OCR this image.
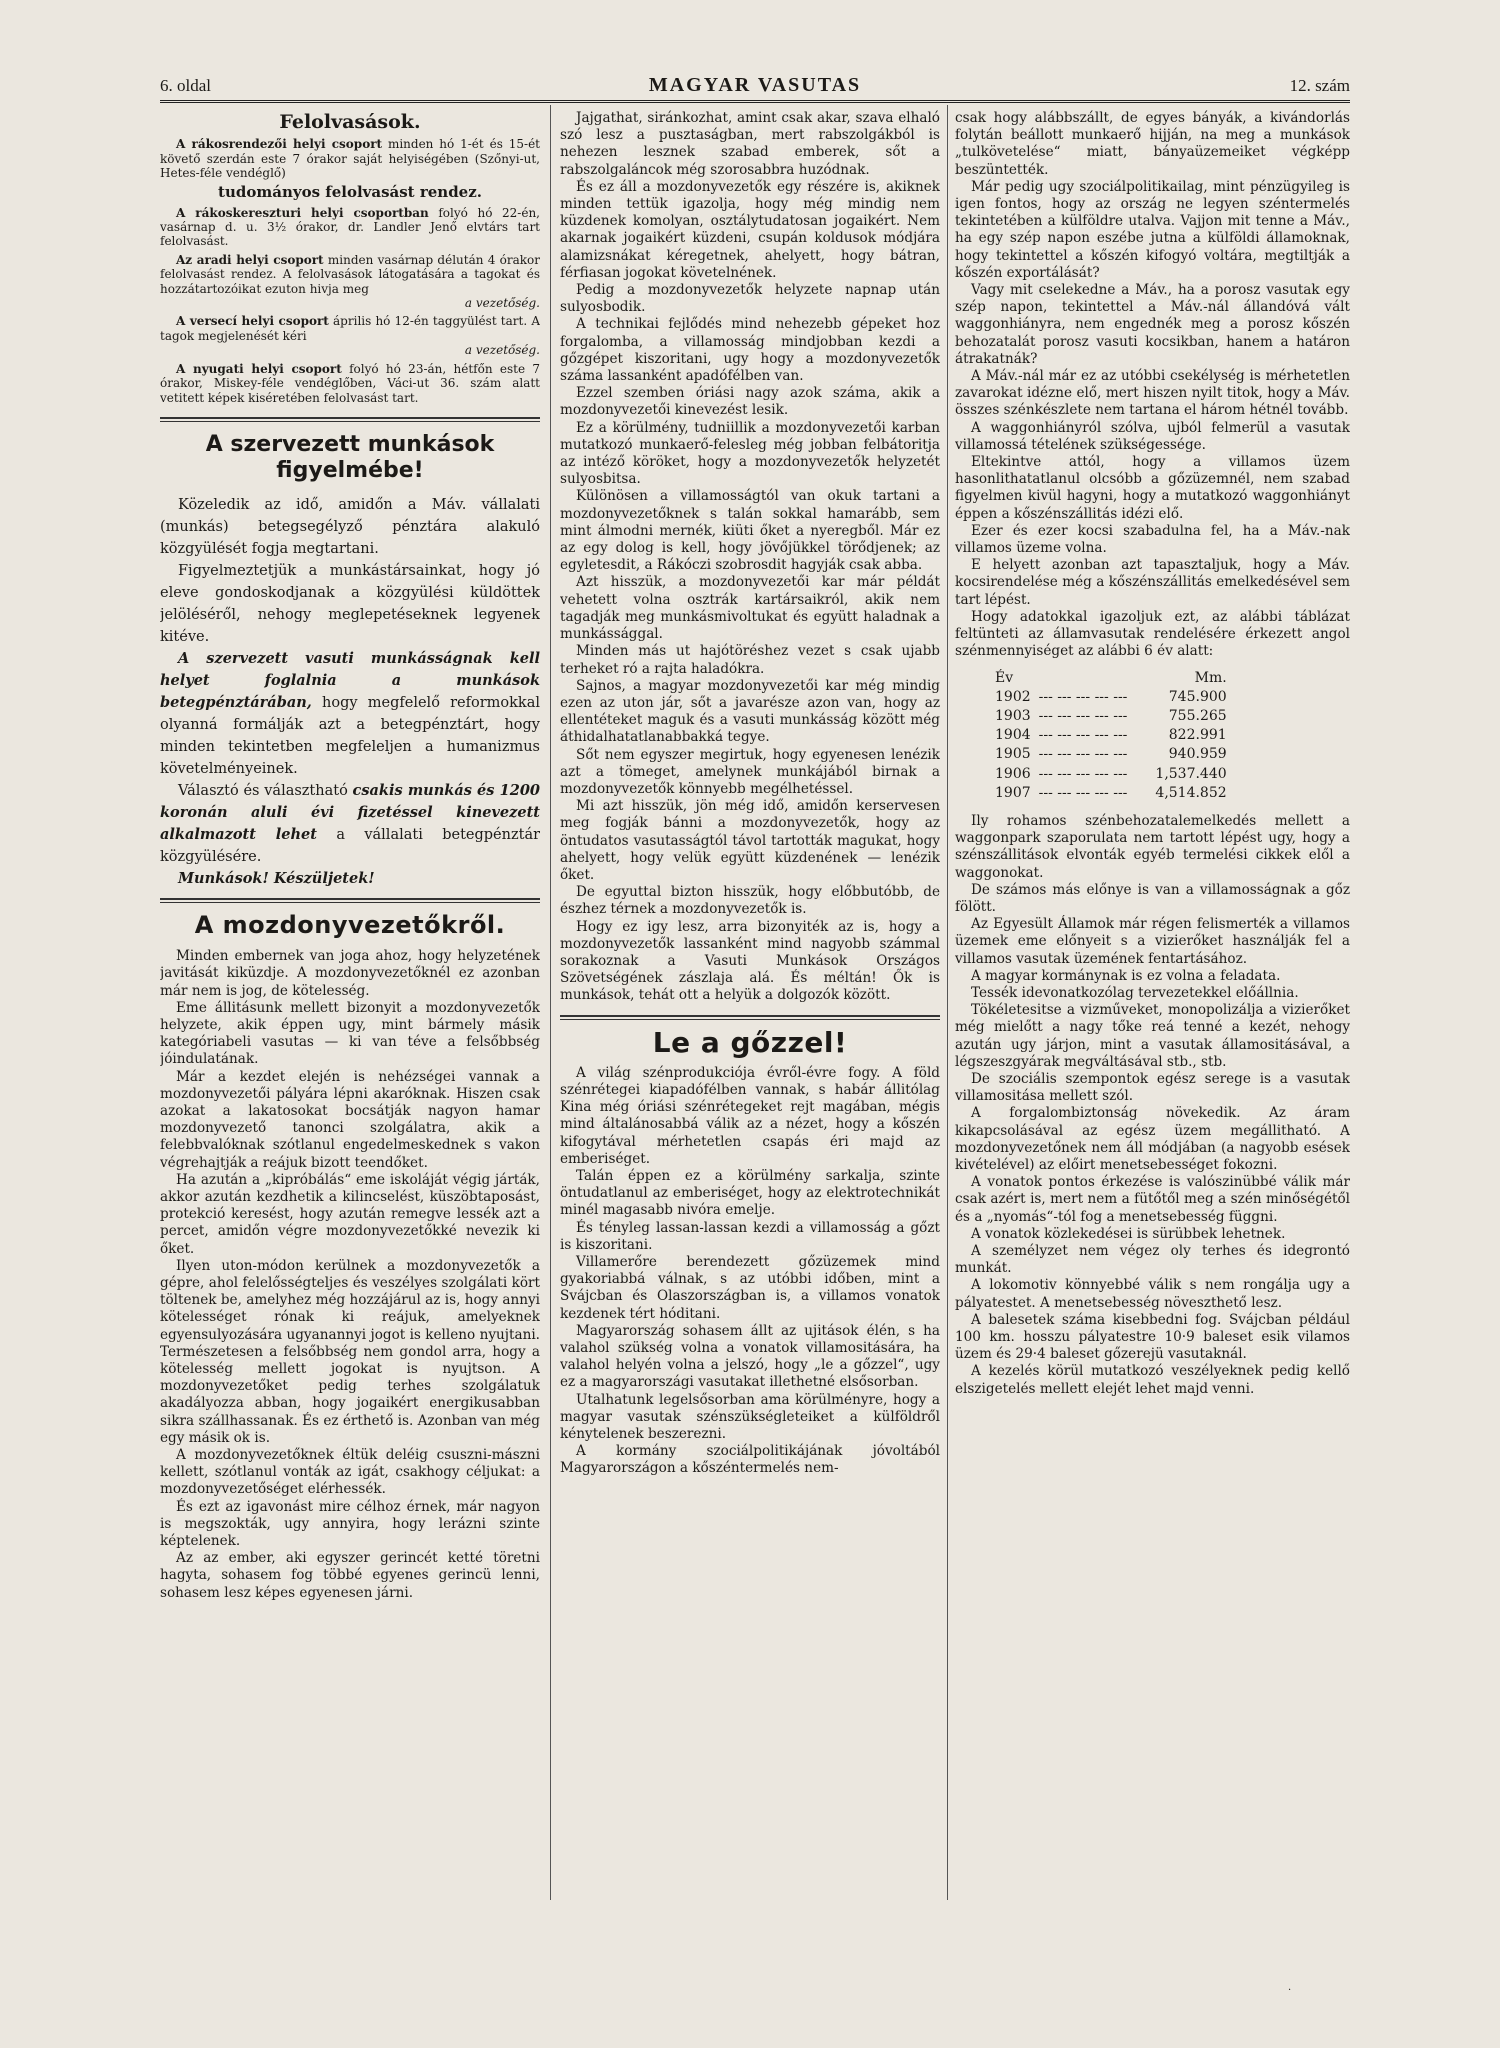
6. oldal	MAGYAR VASUTAS	12. szám
Felolvasások.

A rákosrendezői helyi csoport minden hó 1-ét és 15-ét követő szerdán este 7 órakor saját helyiségében (Szőnyi-ut, Hetes-féle vendéglő)

tudományos felolvasást rendez.

A rákoskereszturi helyi csoportban folyó hó 22-én, vasárnap d. u. 3½ órakor, dr. Landler Jenő elvtárs tart felolvasást.

Az aradi helyi csoport minden vasárnap délután 4 órakor felolvasást rendez. A felolvasások látogatására a tagokat és hozzátartozóikat ezuton hivja meg

a vezetőség.

A versecí helyi csoport április hó 12-én taggyülést tart. A tagok megjelenését kéri

a vezetőség.

A nyugati helyi csoport folyó hó 23-án, hétfőn este 7 órakor, Miskey-féle vendéglőben, Váci-ut 36. szám alatt vetitett képek kiséretében felolvasást tart.

A szervezett munkások figyelmébe!

Közeledik az idő, amidőn a Máv. vállalati (munkás) betegsegélyző pénztára alakuló közgyülését fogja megtartani.

Figyelmeztetjük a munkástársainkat, hogy jó eleve gondoskodjanak a közgyülési küldöttek jelöléséről, nehogy meglepetéseknek legyenek kitéve.

A szervezett vasuti munkásságnak kell helyet foglalnia a munkások betegpénztárában, hogy megfelelő reformokkal olyanná formálják azt a betegpénztárt, hogy minden tekintetben megfeleljen a humanizmus követelményeinek.

Választó és választható csakis munkás és 1200 koronán aluli évi fizetéssel kinevezett alkalmazott lehet a vállalati betegpénztár közgyülésére.

Munkások! Készüljetek!

A mozdonyvezetőkről.

Minden embernek van joga ahoz, hogy helyzetének javitását kiküzdje. A mozdonyvezetőknél ez azonban már nem is jog, de kötelesség.

Eme állitásunk mellett bizonyit a mozdonyvezetők helyzete, akik éppen ugy, mint bármely másik kategóriabeli vasutas — ki van téve a felsőbbség jóindulatának.

Már a kezdet elején is nehézségei vannak a mozdonyvezetői pályára lépni akaróknak. Hiszen csak azokat a lakatosokat bocsátják nagyon hamar mozdonyvezető tanonci szolgálatra, akik a felebbvalóknak szótlanul engedelmeskednek s vakon végrehajtják a reájuk bizott teendőket.

Ha azután a „kipróbálás“ eme iskoláját végig járták, akkor azután kezdhetik a kilincselést, küszöbtaposást, protekció keresést, hogy azután remegve lessék azt a percet, amidőn végre mozdonyvezetőkké nevezik ki őket.

Ilyen uton-módon kerülnek a mozdonyvezetők a gépre, ahol felelősségteljes és veszélyes szolgálati kört töltenek be, amelyhez még hozzájárul az is, hogy annyi kötelességet rónak ki reájuk, amelyeknek egyensulyozására ugyanannyi jogot is kelleno nyujtani. Természetesen a felsőbbség nem gondol arra, hogy a kötelesség mellett jogokat is nyujtson. A mozdonyvezetőket pedig terhes szolgálatuk akadályozza abban, hogy jogaikért energikusabban sikra szállhassanak. És ez érthető is. Azonban van még egy másik ok is.

A mozdonyvezetőknek éltük deléig csuszni-mászni kellett, szótlanul vonták az igát, csakhogy céljukat: a mozdonyvezetőséget elérhessék.

És ezt az igavonást mire célhoz érnek, már nagyon is megszokták, ugy annyira, hogy lerázni szinte képtelenek.

Az az ember, aki egyszer gerincét ketté töretni hagyta, sohasem fog többé egyenes gerincü lenni, sohasem lesz képes egyenesen járni.

Jajgathat, siránkozhat, amint csak akar, szava elhaló szó lesz a pusztaságban, mert rabszolgákból is nehezen lesznek szabad emberek, sőt a rabszolgaláncok még szorosabbra huzódnak.

És ez áll a mozdonyvezetők egy részére is, akiknek minden tettük igazolja, hogy még mindig nem küzdenek komolyan, osztálytudatosan jogaikért. Nem akarnak jogaikért küzdeni, csupán koldusok módjára alamizsnákat kéregetnek, ahelyett, hogy bátran, férfiasan jogokat követelnének.

Pedig a mozdonyvezetők helyzete napnap után sulyosbodik.

A technikai fejlődés mind nehezebb gépeket hoz forgalomba, a villamosság mindjobban kezdi a gőzgépet kiszoritani, ugy hogy a mozdonyvezetők száma lassanként apadófélben van.

Ezzel szemben óriási nagy azok száma, akik a mozdonyvezetői kinevezést lesik.

Ez a körülmény, tudniillik a mozdonyvezetői karban mutatkozó munkaerő-felesleg még jobban felbátoritja az intéző köröket, hogy a mozdonyvezetők helyzetét sulyosbitsa.

Különösen a villamosságtól van okuk tartani a mozdonyvezetőknek s talán sokkal hamarább, sem mint álmodni mernék, kiüti őket a nyeregből. Már ez az egy dolog is kell, hogy jövőjükkel törődjenek; az egyletesdit, a Rákóczi szobrosdit hagyják csak abba.

Azt hisszük, a mozdonyvezetői kar már példát vehetett volna osztrák kartársaikról, akik nem tagadják meg munkásmivoltukat és együtt haladnak a munkássággal.

Minden más ut hajótöréshez vezet s csak ujabb terheket ró a rajta haladókra.

Sajnos, a magyar mozdonyvezetői kar még mindig ezen az uton jár, sőt a javarésze azon van, hogy az ellentéteket maguk és a vasuti munkásság között még áthidalhatatlanabbakká tegye.

Sőt nem egyszer megirtuk, hogy egyenesen lenézik azt a tömeget, amelynek munkájából birnak a mozdonyvezetők könnyebb megélhetéssel.

Mi azt hisszük, jön még idő, amidőn kerservesen meg fogják bánni a mozdonyvezetők, hogy az öntudatos vasutasságtól távol tartották magukat, hogy ahelyett, hogy velük együtt küzdenének — lenézik őket.

De egyuttal bizton hisszük, hogy előbbutóbb, de észhez térnek a mozdonyvezetők is.

Hogy ez igy lesz, arra bizonyiték az is, hogy a mozdonyvezetők lassanként mind nagyobb számmal sorakoznak a Vasuti Munkások Országos Szövetségének zászlaja alá. És méltán! Ők is munkások, tehát ott a helyük a dolgozók között.

Le a gőzzel!

A világ szénprodukciója évről-évre fogy. A föld szénrétegei kiapadófélben vannak, s habár állitólag Kina még óriási szénrétegeket rejt magában, mégis mind általánosabbá válik az a nézet, hogy a kőszén kifogytával mérhetetlen csapás éri majd az emberiséget.

Talán éppen ez a körülmény sarkalja, szinte öntudatlanul az emberiséget, hogy az elektrotechnikát minél magasabb nivóra emelje.

És tényleg lassan-lassan kezdi a villamosság a gőzt is kiszoritani.

Villamerőre berendezett gőzüzemek mind gyakoriabbá válnak, s az utóbbi időben, mint a Svájcban és Olaszországban is, a villamos vonatok kezdenek tért hóditani.

Magyarország sohasem állt az ujitások élén, s ha valahol szükség volna a vonatok villamositására, ha valahol helyén volna a jelszó, hogy „le a gőzzel“, ugy ez a magyarországi vasutakat illethetné elsősorban.

Utalhatunk legelsősorban ama körülményre, hogy a magyar vasutak szénszükségleteiket a külföldről kénytelenek beszerezni.

A kormány szociálpolitikájának jóvoltából Magyarországon a kőszéntermelés nem-

csak hogy alábbszállt, de egyes bányák, a kivándorlás folytán beállott munkaerő hijján, na meg a munkások „tulkövetelése“ miatt, bányaüzemeiket végképp beszüntették.

Már pedig ugy szociálpolitikailag, mint pénzügyileg is igen fontos, hogy az ország ne legyen széntermelés tekintetében a külföldre utalva. Vajjon mit tenne a Máv., ha egy szép napon eszébe jutna a külföldi államoknak, hogy tekintettel a kőszén kifogyó voltára, megtiltják a kőszén exportálását?

Vagy mit cselekedne a Máv., ha a porosz vasutak egy szép napon, tekintettel a Máv.-nál állandóvá vált waggonhiányra, nem engednék meg a porosz kőszén behozatalát porosz vasuti kocsikban, hanem a határon átrakatnák?

A Máv.-nál már ez az utóbbi csekélység is mérhetetlen zavarokat idézne elő, mert hiszen nyilt titok, hogy a Máv. összes szénkészlete nem tartana el három hétnél tovább.

A waggonhiányról szólva, ujból felmerül a vasutak villamossá tételének szükségessége.

Eltekintve attól, hogy a villamos üzem hasonlithatatlanul olcsóbb a gőzüzemnél, nem szabad figyelmen kivül hagyni, hogy a mutatkozó waggonhiányt éppen a kőszénszállitás idézi elő.

Ezer és ezer kocsi szabadulna fel, ha a Máv.-nak villamos üzeme volna.

E helyett azonban azt tapasztaljuk, hogy a Máv. kocsirendelése még a kőszénszállitás emelkedésével sem tart lépést.

Hogy adatokkal igazoljuk ezt, az alábbi táblázat feltünteti az államvasutak rendelésére érkezett angol szénmennyiséget az alábbi 6 év alatt:

Év		Mm.
1902	--- --- --- --- ---	745.900
1903	--- --- --- --- ---	755.265
1904	--- --- --- --- ---	822.991
1905	--- --- --- --- ---	940.959
1906	--- --- --- --- ---	1,537.440
1907	--- --- --- --- ---	4,514.852

Ily rohamos szénbehozatalemelkedés mellett a waggonpark szaporulata nem tartott lépést ugy, hogy a szénszállitások elvonták egyéb termelési cikkek elől a waggonokat.

De számos más előnye is van a villamosságnak a gőz fölött.

Az Egyesült Államok már régen felismerték a villamos üzemek eme előnyeit s a vizierőket használják fel a villamos vasutak üzemének fentartásához.

A magyar kormánynak is ez volna a feladata.

Tessék idevonatkozólag tervezetekkel előállnia.

Tökéletesitse a vizműveket, monopolizálja a vizierőket még mielőtt a nagy tőke reá tenné a kezét, nehogy azután ugy járjon, mint a vasutak államositásával, a légszeszgyárak megváltásával stb., stb.

De szociális szempontok egész serege is a vasutak villamositása mellett szól.

A forgalombiztonság növekedik. Az áram kikapcsolásával az egész üzem megállitható. A mozdonyvezetőnek nem áll módjában (a nagyobb esések kivételével) az előirt menetsebességet fokozni.

A vonatok pontos érkezése is valószinübbé válik már csak azért is, mert nem a fütőtől meg a szén minőségétől és a „nyomás“-tól fog a menetsebesség függni.

A vonatok közlekedései is sürübbek lehetnek.

A személyzet nem végez oly terhes és idegrontó munkát.

A lokomotiv könnyebbé válik s nem rongálja ugy a pályatestet. A menetsebesség növeszthető lesz.

A balesetek száma kisebbedni fog. Svájcban például 100 km. hosszu pályatestre 10·9 baleset esik vilamos üzem és 29·4 baleset gőzerejü vasutaknál.

A kezelés körül mutatkozó veszélyeknek pedig kellő elszigetelés mellett elejét lehet majd venni.

.
